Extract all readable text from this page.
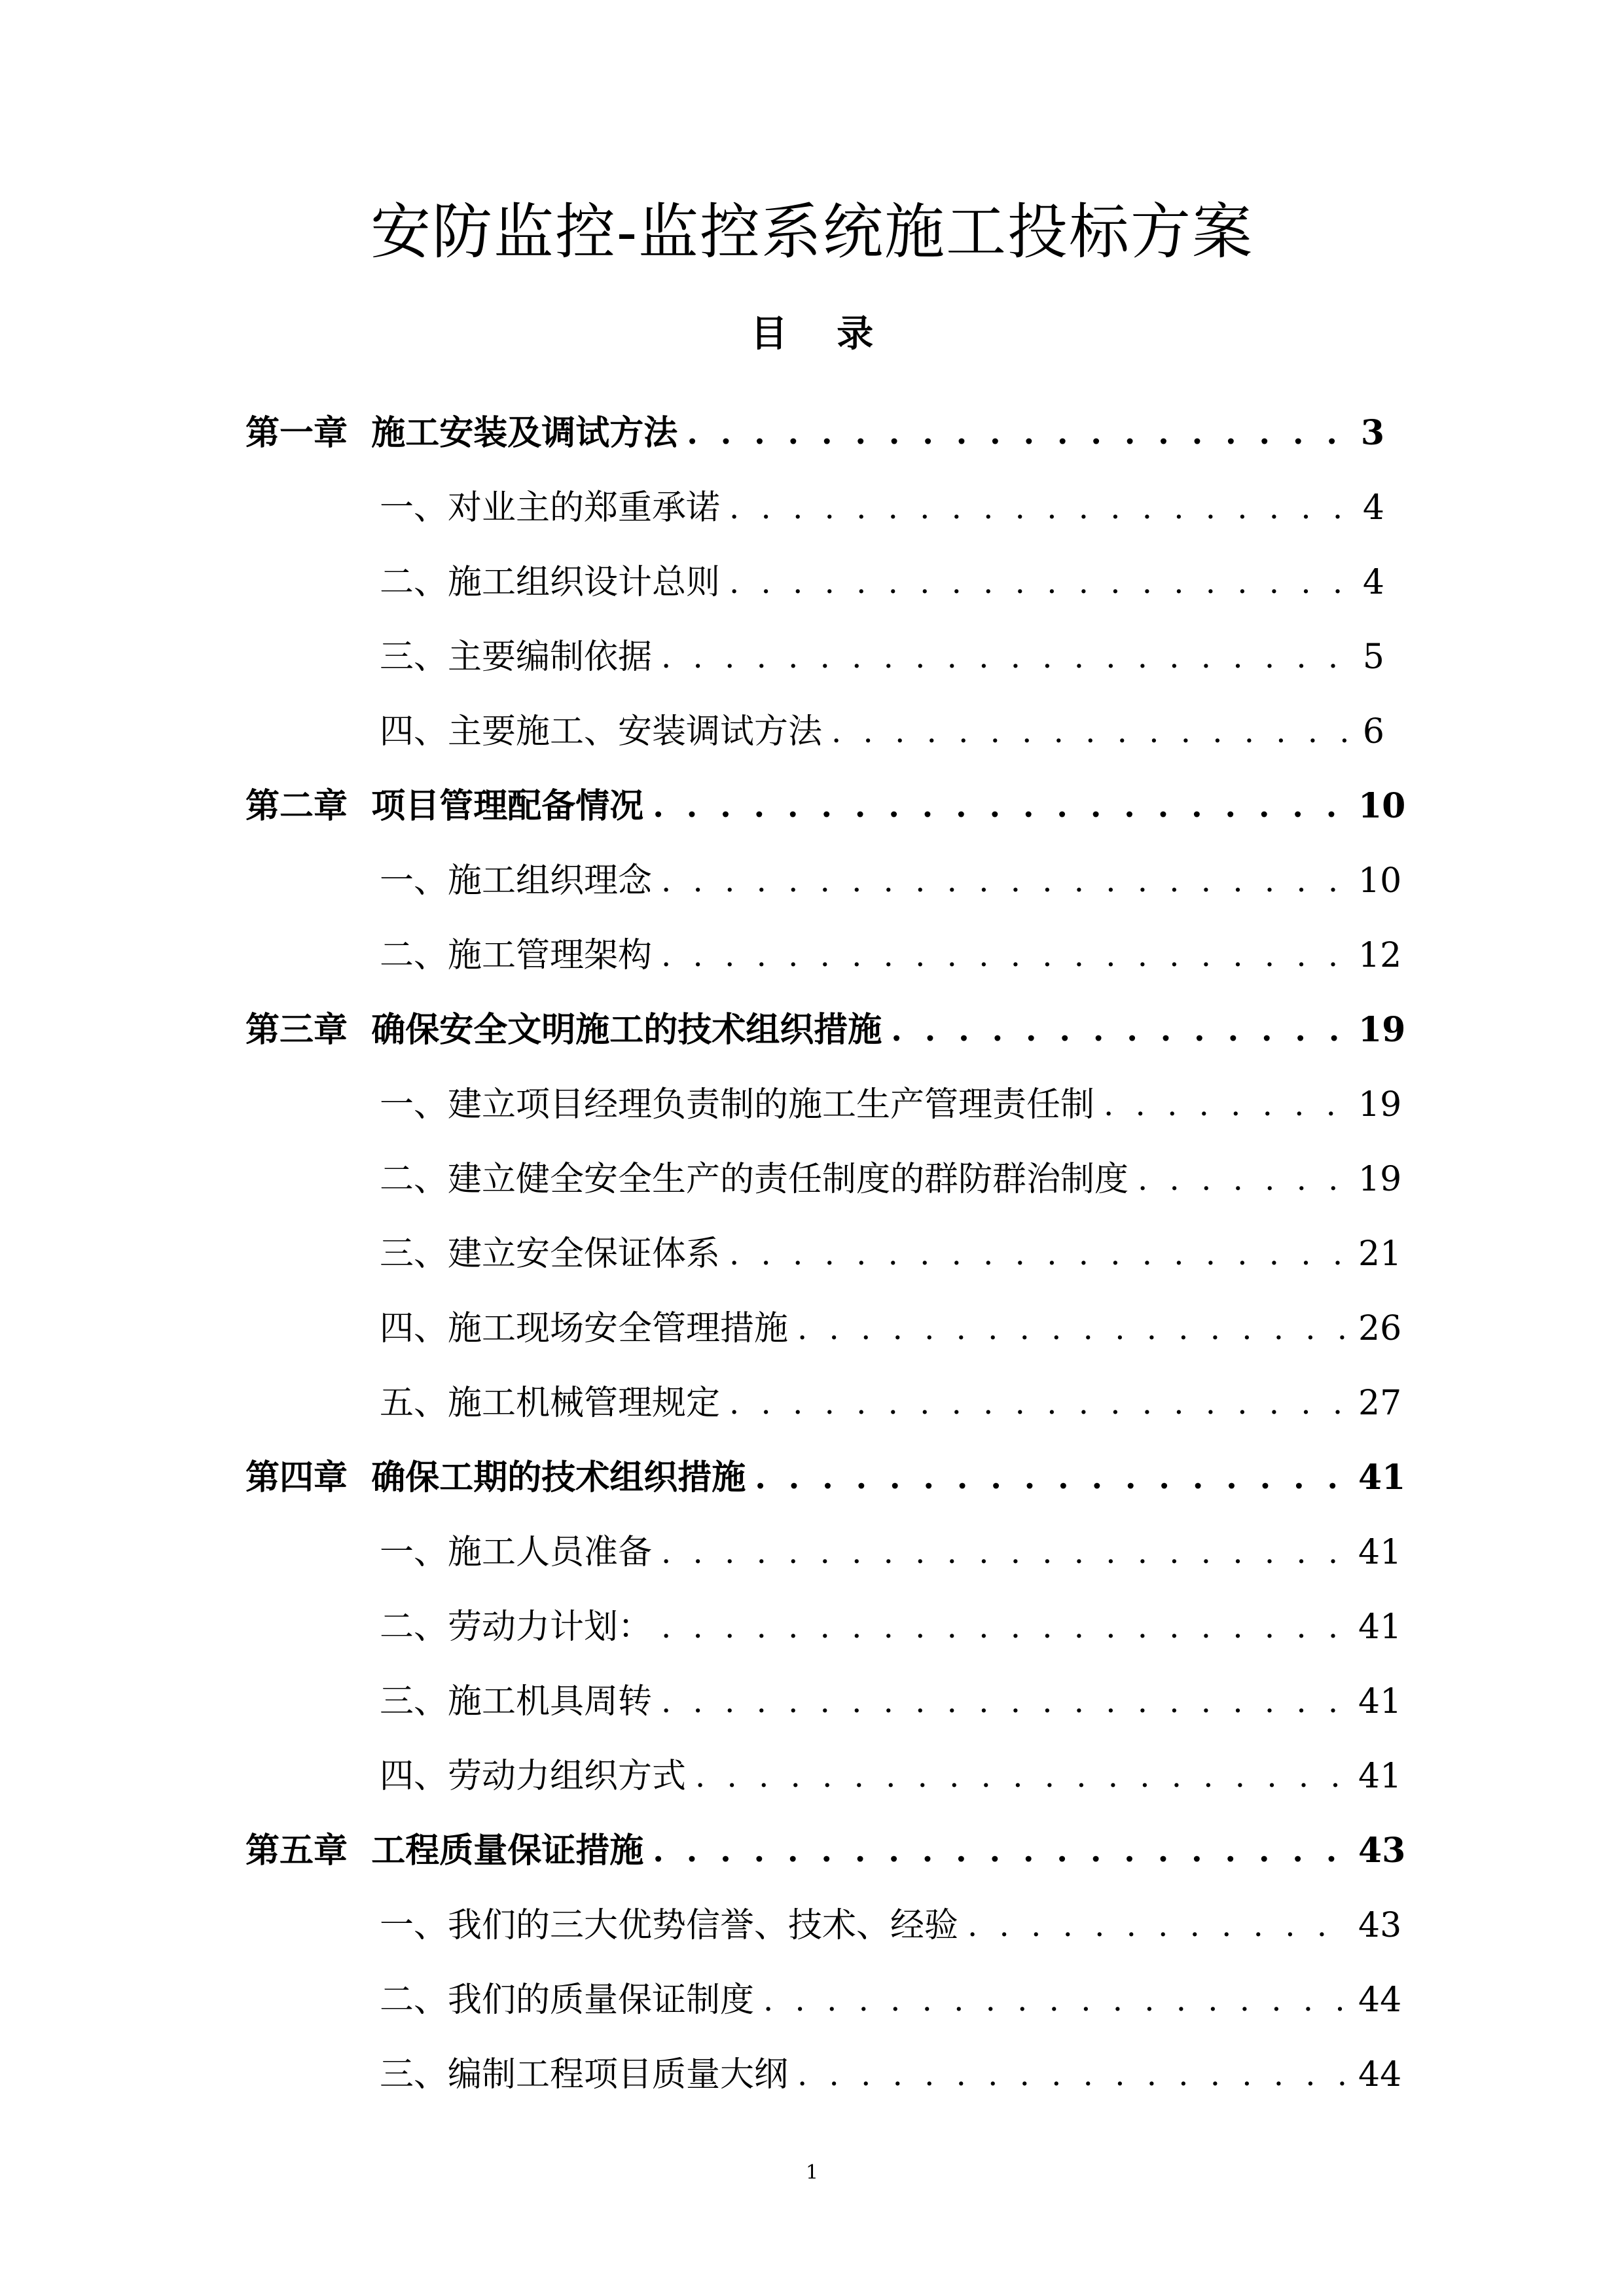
安防监控-监控系统施工投标方案
目 录
第一章 施工安装及调试方法 . . .	3
一、 对业主的郑重承诺 . . .	4
二、 施工组织设计总则 . . .	4
三、 主要编制依据 . . .	5
四、 主要施工、安装调试方法 . . .	6
第二章 项目管理配备情况 . . .	10
一、 施工组织理念 . . .	10
二、 施工管理架构 . . .	12
第三章 确保安全文明施工的技术组织措施 . . .	19
一、 建立项目经理负责制的施工生产管理责任制 . . .	19
二、 建立健全安全生产的责任制度的群防群治制度 . . .	19
三、 建立安全保证体系 . . .	21
四、 施工现场安全管理措施 . . .	26
五、 施工机械管理规定 . . .	27
第四章 确保工期的技术组织措施 . . .	41
一、 施工人员准备 . . .	41
二、 劳动力计划： . . .	41
三、 施工机具周转 . . .	41
四、 劳动力组织方式 . . .	41
第五章 工程质量保证措施 . . .	43
一、 我们的三大优势信誉、技术、经验 . . .	43
二、 我们的质量保证制度 . . .	44
三、 编制工程项目质量大纲 . . .	44
1
